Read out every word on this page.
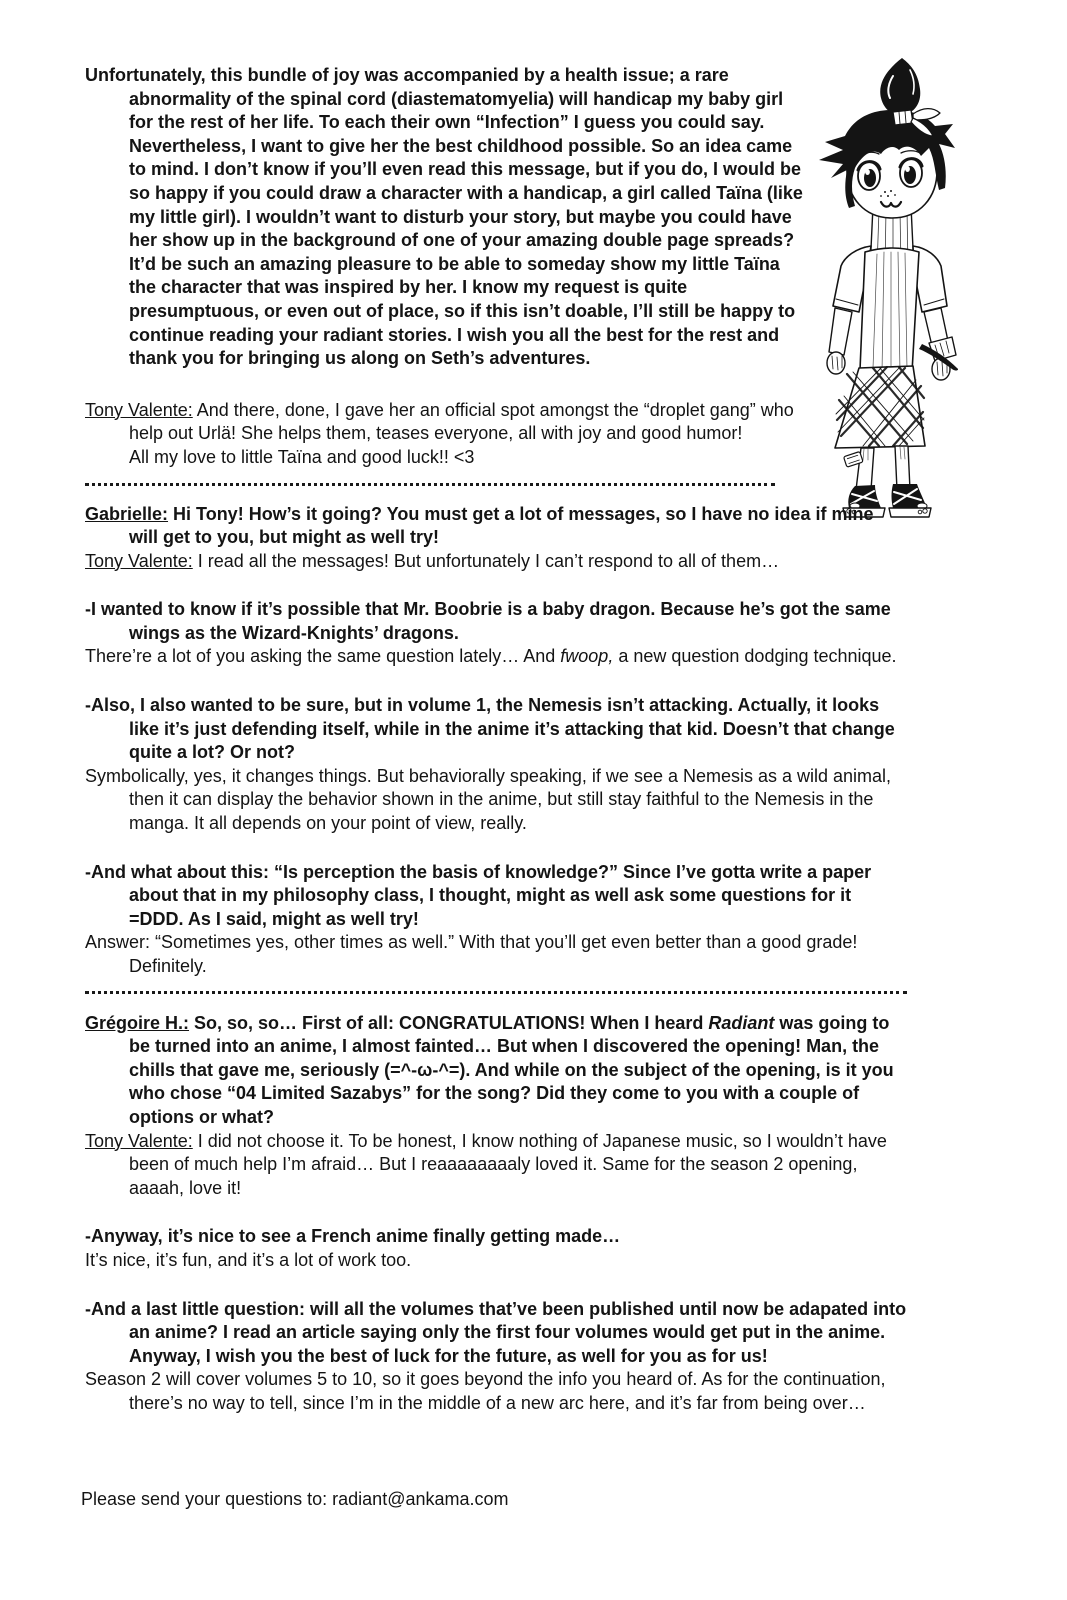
Unfortunately, this bundle of joy was accompanied by a health issue; a rare abnormality of the spinal cord (diastematomyelia) will handicap my baby girl for the rest of her life. To each their own “Infection” I guess you could say. Nevertheless, I want to give her the best childhood possible. So an idea came to mind. I don’t know if you’ll even read this message, but if you do, I would be so happy if you could draw a character with a handicap, a girl called Taïna (like my little girl). I wouldn’t want to disturb your story, but maybe you could have her show up in the background of one of your amazing double page spreads? It’d be such an amazing pleasure to be able to someday show my little Taïna the character that was inspired by her. I know my request is quite presumptuous, or even out of place, so if this isn’t doable, I’ll still be happy to continue reading your radiant stories. I wish you all the best for the rest and thank you for bringing us along on Seth’s adventures.

Tony Valente: And there, done, I gave her an official spot amongst the “droplet gang” who help out Urlä! She helps them, teases everyone, all with joy and good humor!
All my love to little Taïna and good luck!! <3

Gabrielle: Hi Tony! How’s it going? You must get a lot of messages, so I have no idea if mine will get to you, but might as well try!

Tony Valente: I read all the messages! But unfortunately I can’t respond to all of them…

-I wanted to know if it’s possible that Mr. Boobrie is a baby dragon. Because he’s got the same wings as the Wizard-Knights’ dragons.

There’re a lot of you asking the same question lately… And fwoop, a new question dodging technique.

-Also, I also wanted to be sure, but in volume 1, the Nemesis isn’t attacking. Actually, it looks like it’s just defending itself, while in the anime it’s attacking that kid. Doesn’t that change quite a lot? Or not?

Symbolically, yes, it changes things. But behaviorally speaking, if we see a Nemesis as a wild animal, then it can display the behavior shown in the anime, but still stay faithful to the Nemesis in the manga. It all depends on your point of view, really.

-And what about this: “Is perception the basis of knowledge?” Since I’ve gotta write a paper about that in my philosophy class, I thought, might as well ask some questions for it =DDD. As I said, might as well try!

Answer: “Sometimes yes, other times as well.” With that you’ll get even better than a good grade! Definitely.

Grégoire H.: So, so, so… First of all: CONGRATULATIONS! When I heard Radiant was going to be turned into an anime, I almost fainted… But when I discovered the opening! Man, the chills that gave me, seriously (=^-ω-^=). And while on the subject of the opening, is it you who chose “04 Limited Sazabys” for the song? Did they come to you with a couple of options or what?

Tony Valente: I did not choose it. To be honest, I know nothing of Japanese music, so I wouldn’t have been of much help I’m afraid… But I reaaaaaaaaly loved it. Same for the season 2 opening, aaaah, love it!

-Anyway, it’s nice to see a French anime finally getting made…

It’s nice, it’s fun, and it’s a lot of work too.

-And a last little question: will all the volumes that’ve been published until now be adapated into an anime? I read an article saying only the first four volumes would get put in the anime. Anyway, I wish you the best of luck for the future, as well for you as for us!

Season 2 will cover volumes 5 to 10, so it goes beyond the info you heard of. As for the continuation, there’s no way to tell, since I’m in the middle of a new arc here, and it’s far from being over…

Please send your questions to: radiant@ankama.com
